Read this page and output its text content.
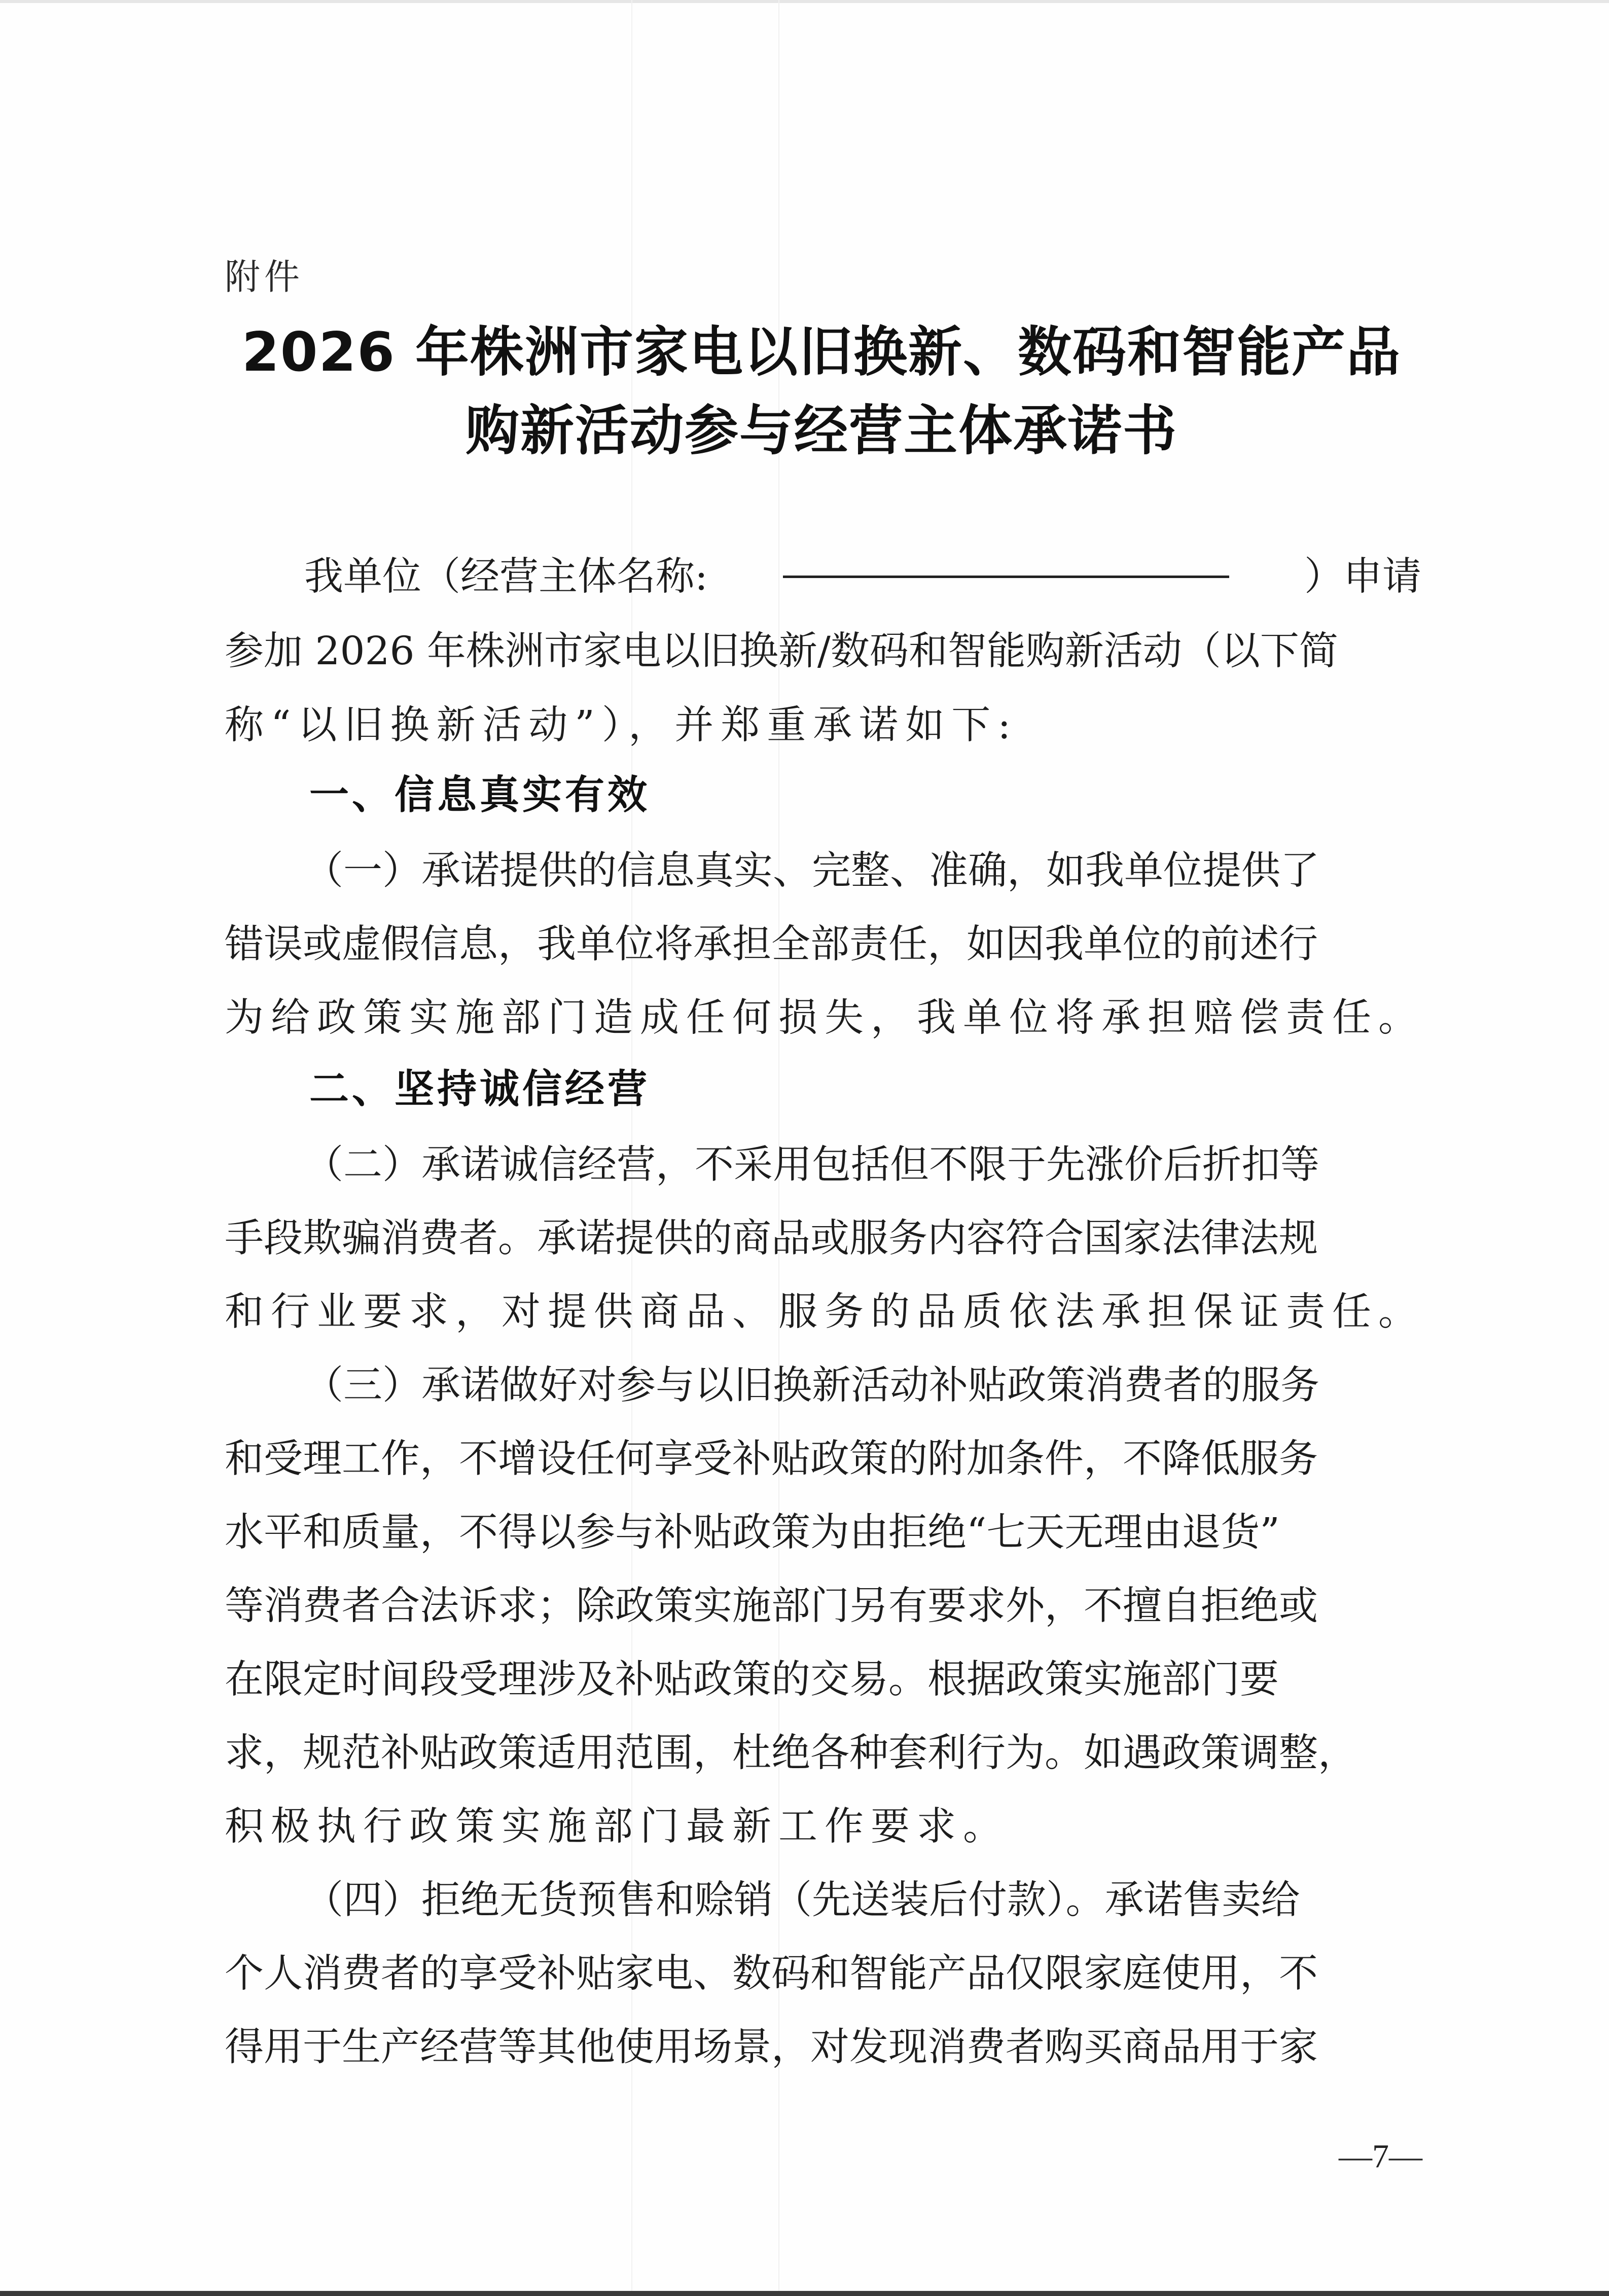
附件
2026 年株洲市家电以旧换新、数码和智能产品
购新活动参与经营主体承诺书
我单位（经营主体名称:	）申请
参加 2026 年株洲市家电以旧换新/数码和智能购新活动（以下简
称“以旧换新活动”），并郑重承诺如下:
一、信息真实有效
（一）承诺提供的信息真实、完整、准确，如我单位提供了
错误或虚假信息，我单位将承担全部责任，如因我单位的前述行
为给政策实施部门造成任何损失，我单位将承担赔偿责任。
二、坚持诚信经营
（二）承诺诚信经营，不采用包括但不限于先涨价后折扣等
手段欺骗消费者。承诺提供的商品或服务内容符合国家法律法规
和行业要求，对提供商品、服务的品质依法承担保证责任。
（三）承诺做好对参与以旧换新活动补贴政策消费者的服务
和受理工作，不增设任何享受补贴政策的附加条件，不降低服务
水平和质量，不得以参与补贴政策为由拒绝“七天无理由退货”
等消费者合法诉求；除政策实施部门另有要求外，不擅自拒绝或
在限定时间段受理涉及补贴政策的交易。根据政策实施部门要
求，规范补贴政策适用范围，杜绝各种套利行为。如遇政策调整，
积极执行政策实施部门最新工作要求。
（四）拒绝无货预售和赊销（先送装后付款）。承诺售卖给
个人消费者的享受补贴家电、数码和智能产品仅限家庭使用，不
得用于生产经营等其他使用场景，对发现消费者购买商品用于家
—7—
